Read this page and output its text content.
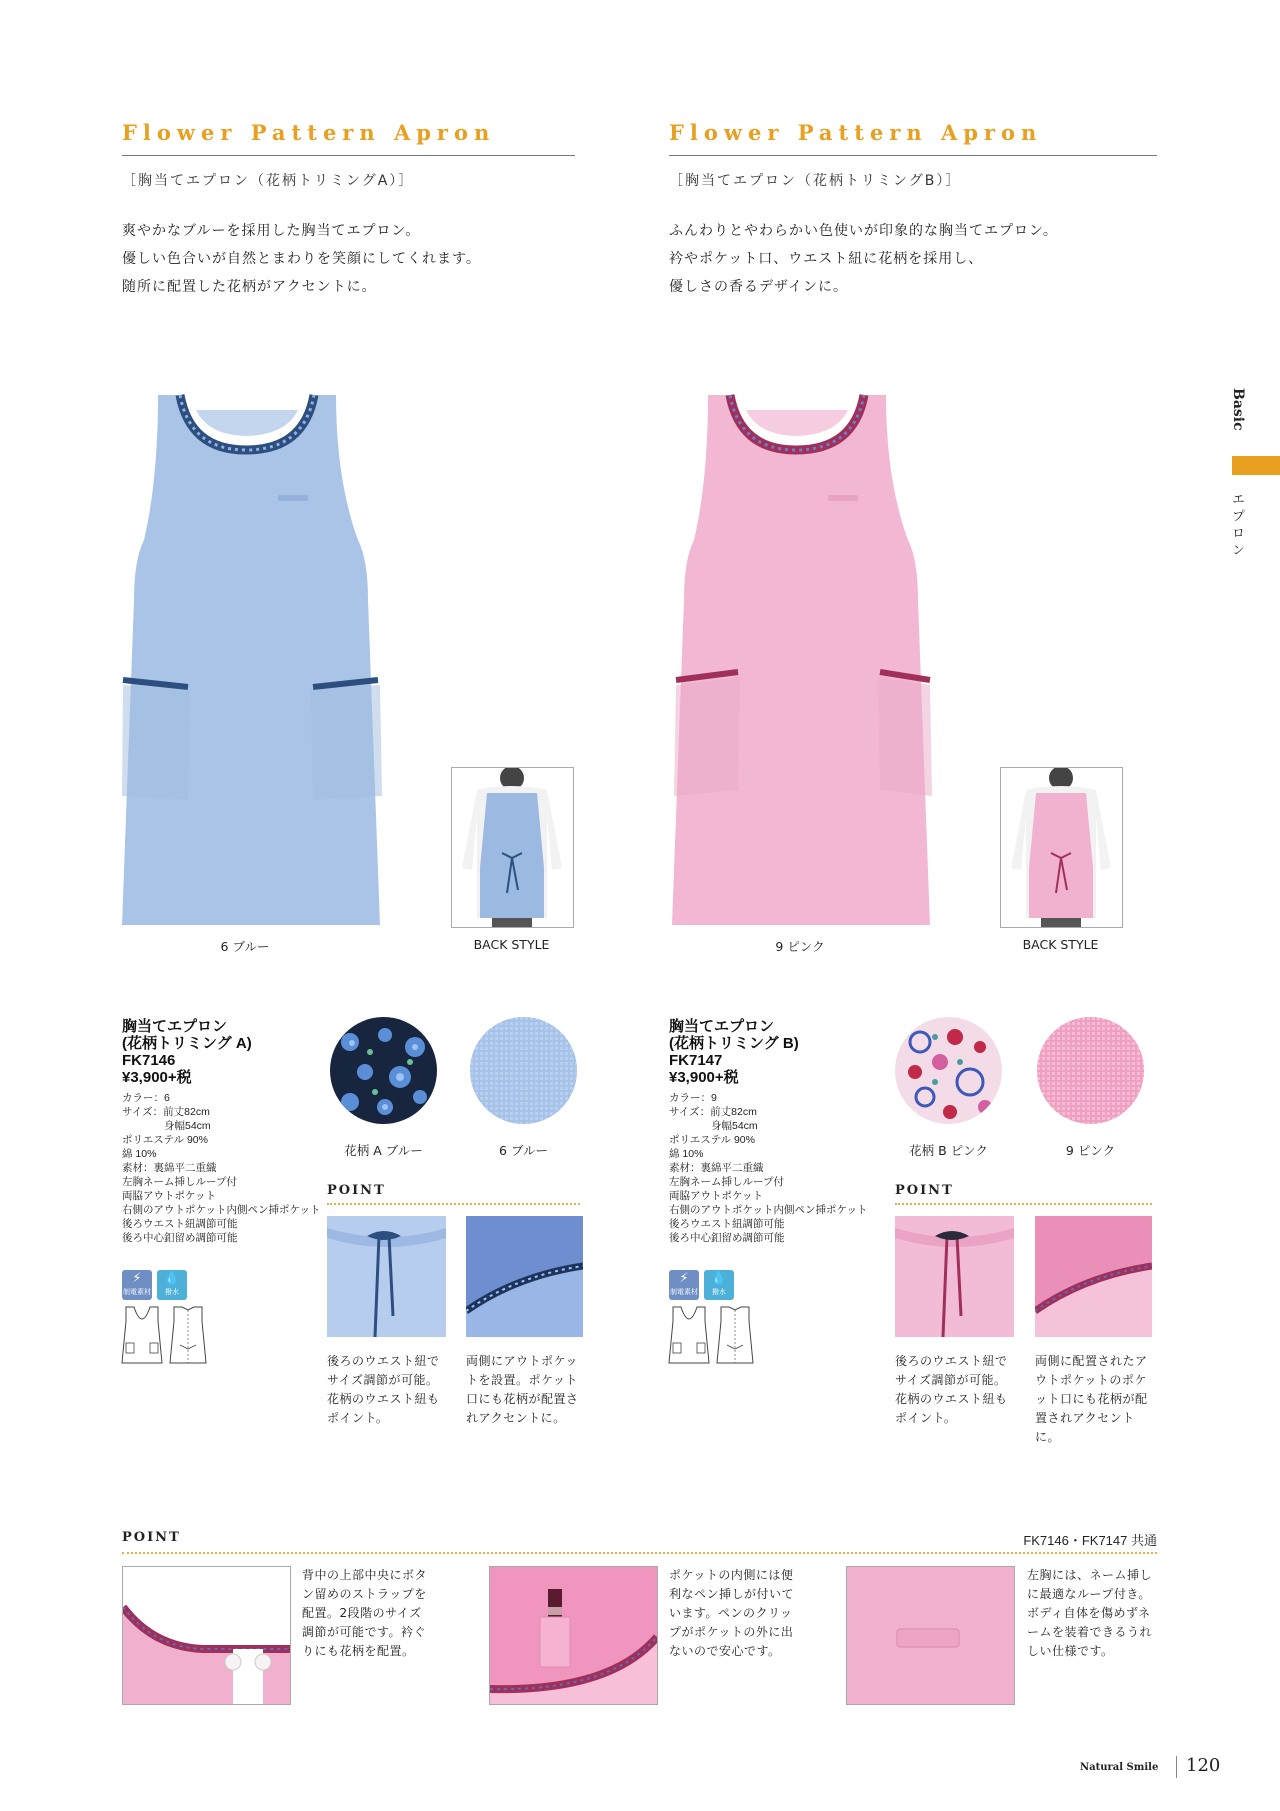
Flower Pattern Apron
［胸当てエプロン（花柄トリミングA）］
爽やかなブルーを採用した胸当てエプロン。
優しい色合いが自然とまわりを笑顔にしてくれます。
随所に配置した花柄がアクセントに。
6 ブルー	BACK STYLE
胸当てエプロン
(花柄トリミング A)
FK7146
¥3,900+税
カラー：6
サイズ：前丈82cm
　　　　身幅54cm
ポリエステル 90%
綿 10%
素材：裏綿平二重織
左胸ネーム挿しループ付
両脇アウトポケット
右側のアウトポケット内側ペン挿ポケット
後ろウエスト紐調節可能
後ろ中心釦留め調節可能
⚡
制電素材
💧
撥水
花柄 A ブルー	6 ブルー
POINT
後ろのウエスト紐でサイズ調節が可能。花柄のウエスト紐もポイント。
両側にアウトポケットを設置。ポケット口にも花柄が配置されアクセントに。
Flower Pattern Apron
［胸当てエプロン（花柄トリミングB）］
ふんわりとやわらかい色使いが印象的な胸当てエプロン。
衿やポケット口、ウエスト紐に花柄を採用し、
優しさの香るデザインに。
9 ピンク	BACK STYLE
胸当てエプロン
(花柄トリミング B)
FK7147
¥3,900+税
カラー：9
サイズ：前丈82cm
　　　　身幅54cm
ポリエステル 90%
綿 10%
素材：裏綿平二重織
左胸ネーム挿しループ付
両脇アウトポケット
右側のアウトポケット内側ペン挿ポケット
後ろウエスト紐調節可能
後ろ中心釦留め調節可能
⚡
制電素材
💧
撥水
花柄 B ピンク	9 ピンク
POINT
後ろのウエスト紐でサイズ調節が可能。花柄のウエスト紐もポイント。
両側に配置されたアウトポケットのポケット口にも花柄が配置されアクセントに。
POINT	FK7146・FK7147 共通
背中の上部中央にボタン留めのストラップを配置。2段階のサイズ調節が可能です。衿ぐりにも花柄を配置。
ポケットの内側には便利なペン挿しが付いています。ペンのクリップがポケットの外に出ないので安心です。
左胸には、ネーム挿しに最適なループ付き。ボディ自体を傷めずネームを装着できるうれしい仕様です。
Basic
エプロン
Natural Smile 120
